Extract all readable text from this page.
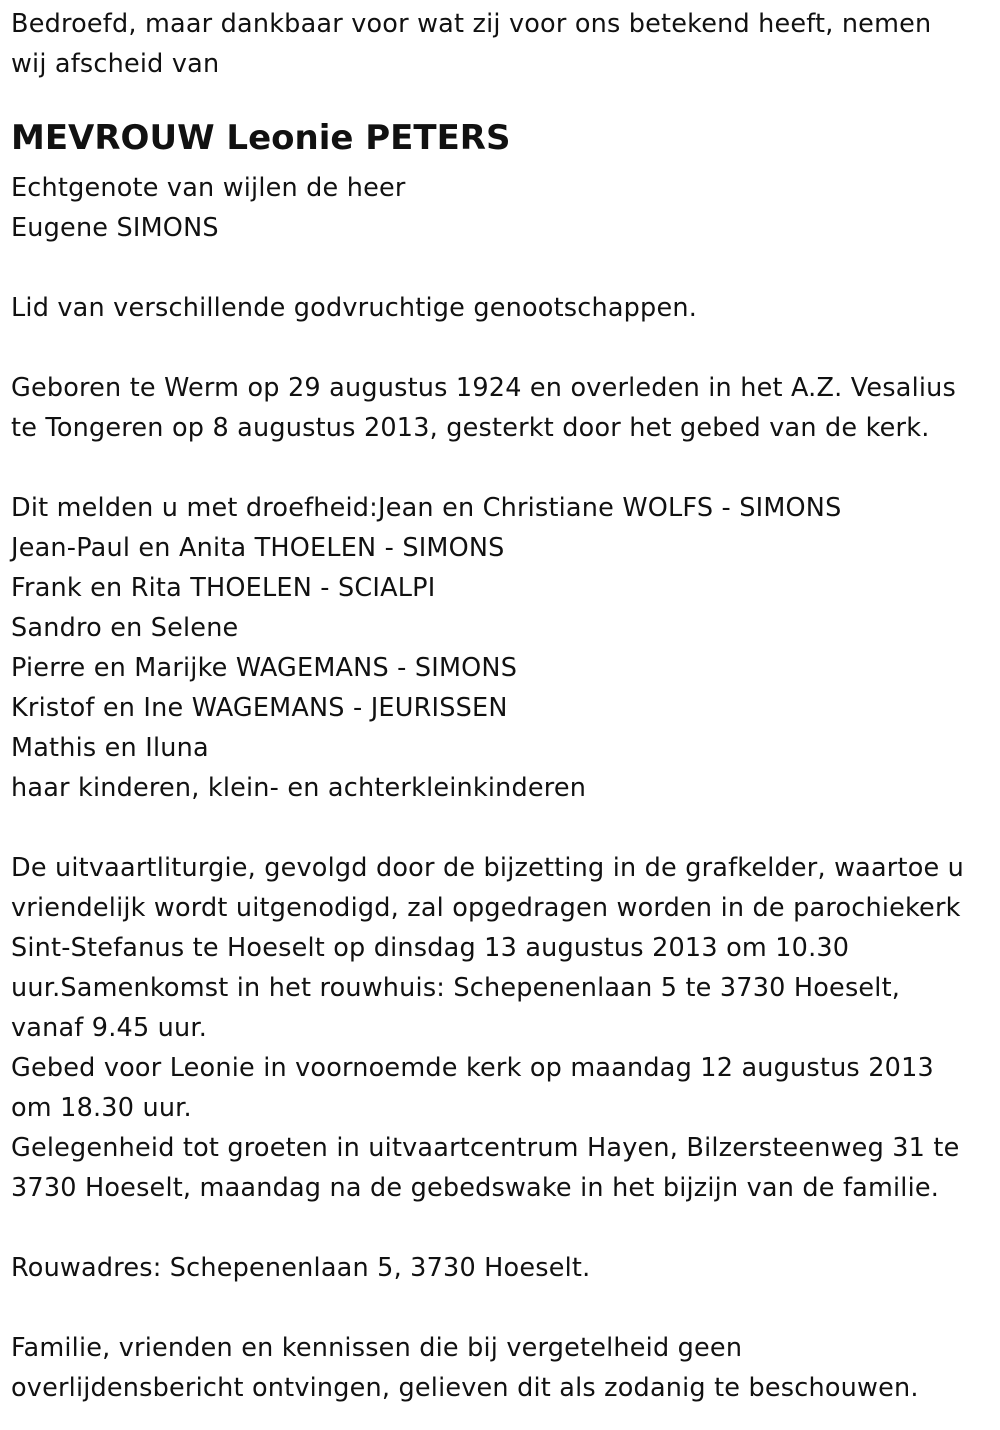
Bedroefd, maar dankbaar voor wat zij voor ons betekend heeft, nemen
wij afscheid van
MEVROUW Leonie PETERS
Echtgenote van wijlen de heer
Eugene SIMONS
Lid van verschillende godvruchtige genootschappen.
Geboren te Werm op 29 augustus 1924 en overleden in het A.Z. Vesalius
te Tongeren op 8 augustus 2013, gesterkt door het gebed van de kerk.
Dit melden u met droefheid:Jean en Christiane WOLFS - SIMONS
Jean-Paul en Anita THOELEN - SIMONS
Frank en Rita THOELEN - SCIALPI
Sandro en Selene
Pierre en Marijke WAGEMANS - SIMONS
Kristof en Ine WAGEMANS - JEURISSEN
Mathis en Iluna
haar kinderen, klein- en achterkleinkinderen
De uitvaartliturgie, gevolgd door de bijzetting in de grafkelder, waartoe u
vriendelijk wordt uitgenodigd, zal opgedragen worden in de parochiekerk
Sint-Stefanus te Hoeselt op dinsdag 13 augustus 2013 om 10.30
uur.Samenkomst in het rouwhuis: Schepenenlaan 5 te 3730 Hoeselt,
vanaf 9.45 uur.
Gebed voor Leonie in voornoemde kerk op maandag 12 augustus 2013
om 18.30 uur.
Gelegenheid tot groeten in uitvaartcentrum Hayen, Bilzersteenweg 31 te
3730 Hoeselt, maandag na de gebedswake in het bijzijn van de familie.
Rouwadres: Schepenenlaan 5, 3730 Hoeselt.
Familie, vrienden en kennissen die bij vergetelheid geen
overlijdensbericht ontvingen, gelieven dit als zodanig te beschouwen.
